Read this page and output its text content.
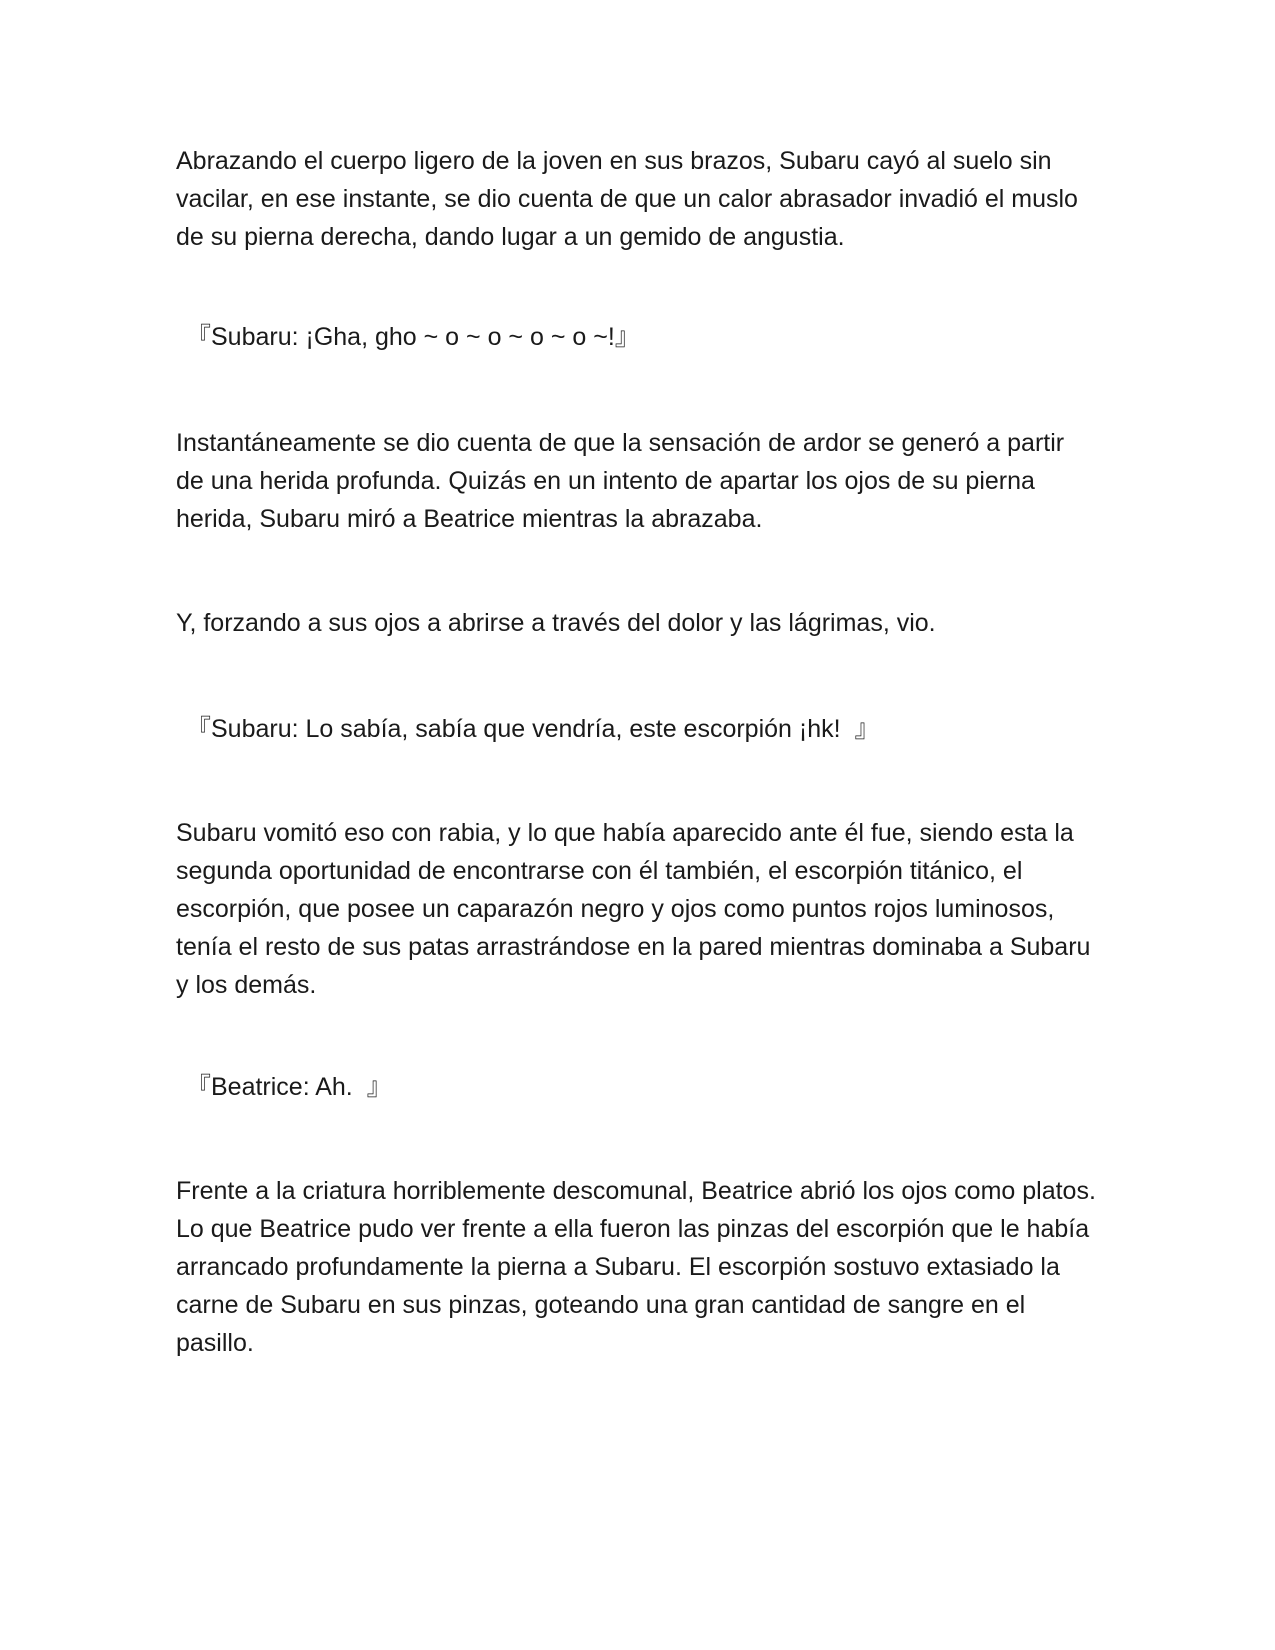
Abrazando el cuerpo ligero de la joven en sus brazos, Subaru cayó al suelo sin vacilar, en ese instante, se dio cuenta de que un calor abrasador invadió el muslo de su pierna derecha, dando lugar a un gemido de angustia.

『Subaru: ¡Gha, gho ~ o ~ o ~ o ~ o ~!』

Instantáneamente se dio cuenta de que la sensación de ardor se generó a partir de una herida profunda. Quizás en un intento de apartar los ojos de su pierna herida, Subaru miró a Beatrice mientras la abrazaba.

Y, forzando a sus ojos a abrirse a través del dolor y las lágrimas, vio.

『Subaru: Lo sabía, sabía que vendría, este escorpión ¡hk!  』

Subaru vomitó eso con rabia, y lo que había aparecido ante él fue, siendo esta la segunda oportunidad de encontrarse con él también, el escorpión titánico, el escorpión, que posee un caparazón negro y ojos como puntos rojos luminosos, tenía el resto de sus patas arrastrándose en la pared mientras dominaba a Subaru y los demás.

『Beatrice: Ah.  』

Frente a la criatura horriblemente descomunal, Beatrice abrió los ojos como platos. Lo que Beatrice pudo ver frente a ella fueron las pinzas del escorpión que le había arrancado profundamente la pierna a Subaru. El escorpión sostuvo extasiado la carne de Subaru en sus pinzas, goteando una gran cantidad de sangre en el pasillo.
